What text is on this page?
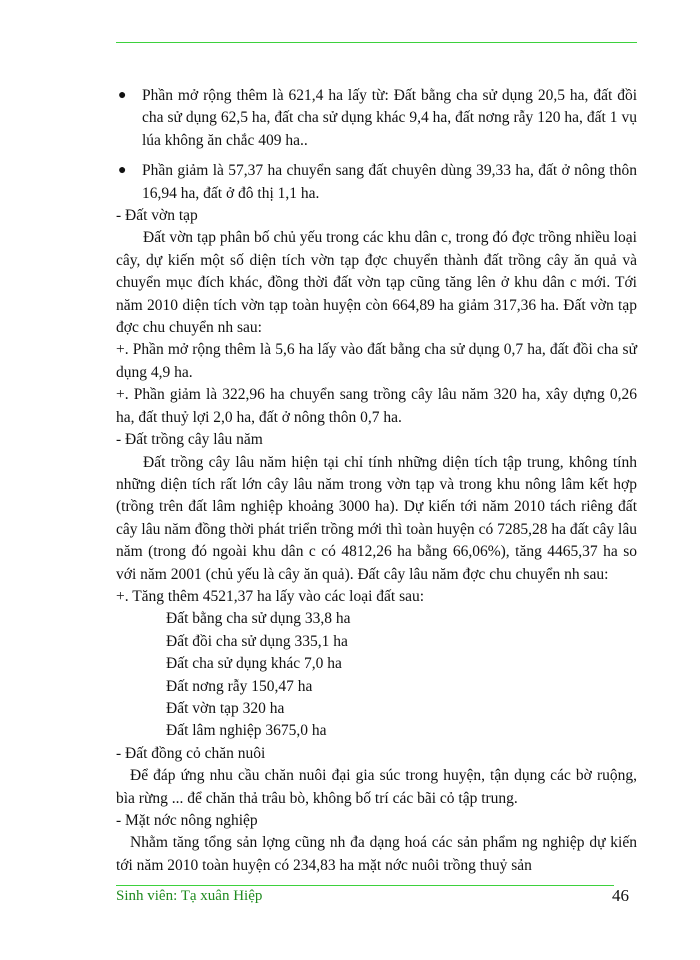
● Phần mở rộng thêm là 621,4 ha lấy từ: Đất bằng cha sử dụng 20,5 ha, đất đồi cha sử dụng 62,5 ha, đất cha sử dụng khác 9,4 ha, đất nơng rẫy 120 ha, đất 1 vụ lúa không ăn chắc 409 ha..

● Phần giảm là 57,37 ha chuyển sang đất chuyên dùng 39,33 ha, đất ở nông thôn 16,94 ha, đất ở đô thị 1,1 ha.

- Đất vờn tạp

Đất vờn tạp phân bố chủ yếu trong các khu dân c, trong đó đợc trồng nhiều loại cây, dự kiến một số diện tích vờn tạp đợc chuyển thành đất trồng cây ăn quả và chuyển mục đích khác, đồng thời đất vờn tạp cũng tăng lên ở khu dân c mới. Tới năm 2010 diện tích vờn tạp toàn huyện còn 664,89 ha giảm 317,36 ha. Đất vờn tạp đợc chu chuyển nh sau:

+. Phần mở rộng thêm là 5,6 ha lấy vào đất bằng cha sử dụng 0,7 ha, đất đồi cha sử dụng 4,9 ha.

+. Phần giảm là 322,96 ha chuyển sang trồng cây lâu năm 320 ha, xây dựng 0,26 ha, đất thuỷ lợi 2,0 ha, đất ở nông thôn 0,7 ha.

- Đất trồng cây lâu năm

Đất trồng cây lâu năm hiện tại chỉ tính những diện tích tập trung, không tính những diện tích rất lớn cây lâu năm trong vờn tạp và trong khu nông lâm kết hợp (trồng trên đất lâm nghiệp khoảng 3000 ha). Dự kiến tới năm 2010 tách riêng đất cây lâu năm đồng thời phát triển trồng mới thì toàn huyện có 7285,28 ha đất cây lâu năm (trong đó ngoài khu dân c có 4812,26 ha bằng 66,06%), tăng 4465,37 ha so với năm 2001 (chủ yếu là cây ăn quả). Đất cây lâu năm đợc chu chuyển nh sau:

+. Tăng thêm 4521,37 ha lấy vào các loại đất sau:

Đất bằng cha sử dụng 33,8 ha

Đất đồi cha sử dụng 335,1 ha

Đất cha sử dụng khác 7,0 ha

Đất nơng rẫy 150,47 ha

Đất vờn tạp 320 ha

Đất lâm nghiệp 3675,0 ha

- Đất đồng cỏ chăn nuôi

Để đáp ứng nhu cầu chăn nuôi đại gia súc trong huyện, tận dụng các bờ ruộng, bìa rừng ... để chăn thả trâu bò, không bố trí các bãi cỏ tập trung.

- Mặt nớc nông nghiệp

Nhằm tăng tổng sản lợng cũng nh đa dạng hoá các sản phẩm ng nghiệp dự kiến tới năm 2010 toàn huyện có 234,83 ha mặt nớc nuôi trồng thuỷ sản

Sinh viên: Tạ xuân Hiệp	46
